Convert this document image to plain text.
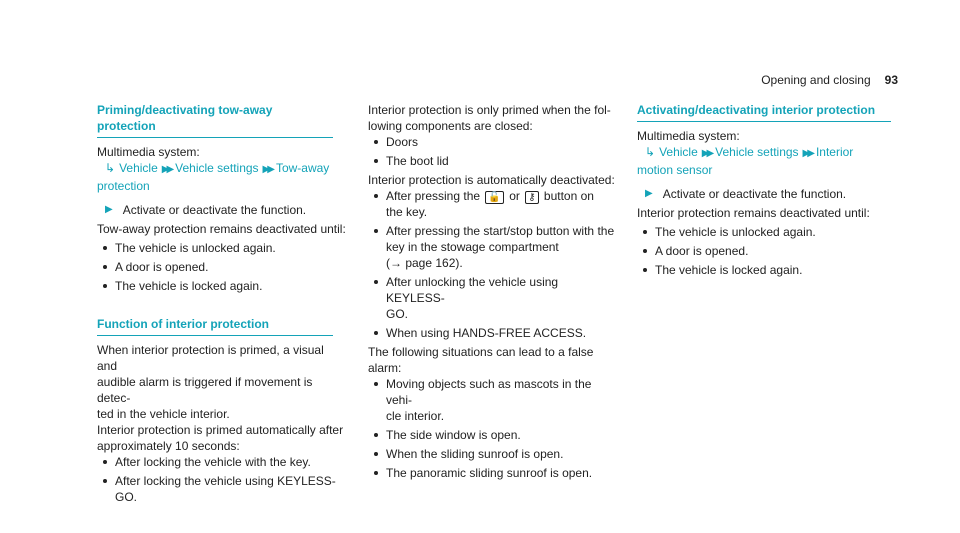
Opening and closing 93
Priming/deactivating tow-away protection
Multimedia system:
↳ Vehicle ▶▶ Vehicle settings ▶▶ Tow-away
protection
▶ Activate or deactivate the function.
Tow-away protection remains deactivated until:
The vehicle is unlocked again.
A door is opened.
The vehicle is locked again.
Function of interior protection
When interior protection is primed, a visual and
audible alarm is triggered if movement is detec-
ted in the vehicle interior.
Interior protection is primed automatically after
approximately 10 seconds:
After locking the vehicle with the key.
After locking the vehicle using KEYLESS-GO.
Interior protection is only primed when the fol-
lowing components are closed:
Doors
The boot lid
Interior protection is automatically deactivated:
After pressing the 🔓 or ⚷ button on
the key.
After pressing the start/stop button with the
key in the stowage compartment
(→ page 162).
After unlocking the vehicle using KEYLESS-
GO.
When using HANDS-FREE ACCESS.
The following situations can lead to a false
alarm:
Moving objects such as mascots in the vehi-
cle interior.
The side window is open.
When the sliding sunroof is open.
The panoramic sliding sunroof is open.
Activating/deactivating interior protection
Multimedia system:
↳ Vehicle ▶▶ Vehicle settings ▶▶ Interior
motion sensor
▶ Activate or deactivate the function.
Interior protection remains deactivated until:
The vehicle is unlocked again.
A door is opened.
The vehicle is locked again.
